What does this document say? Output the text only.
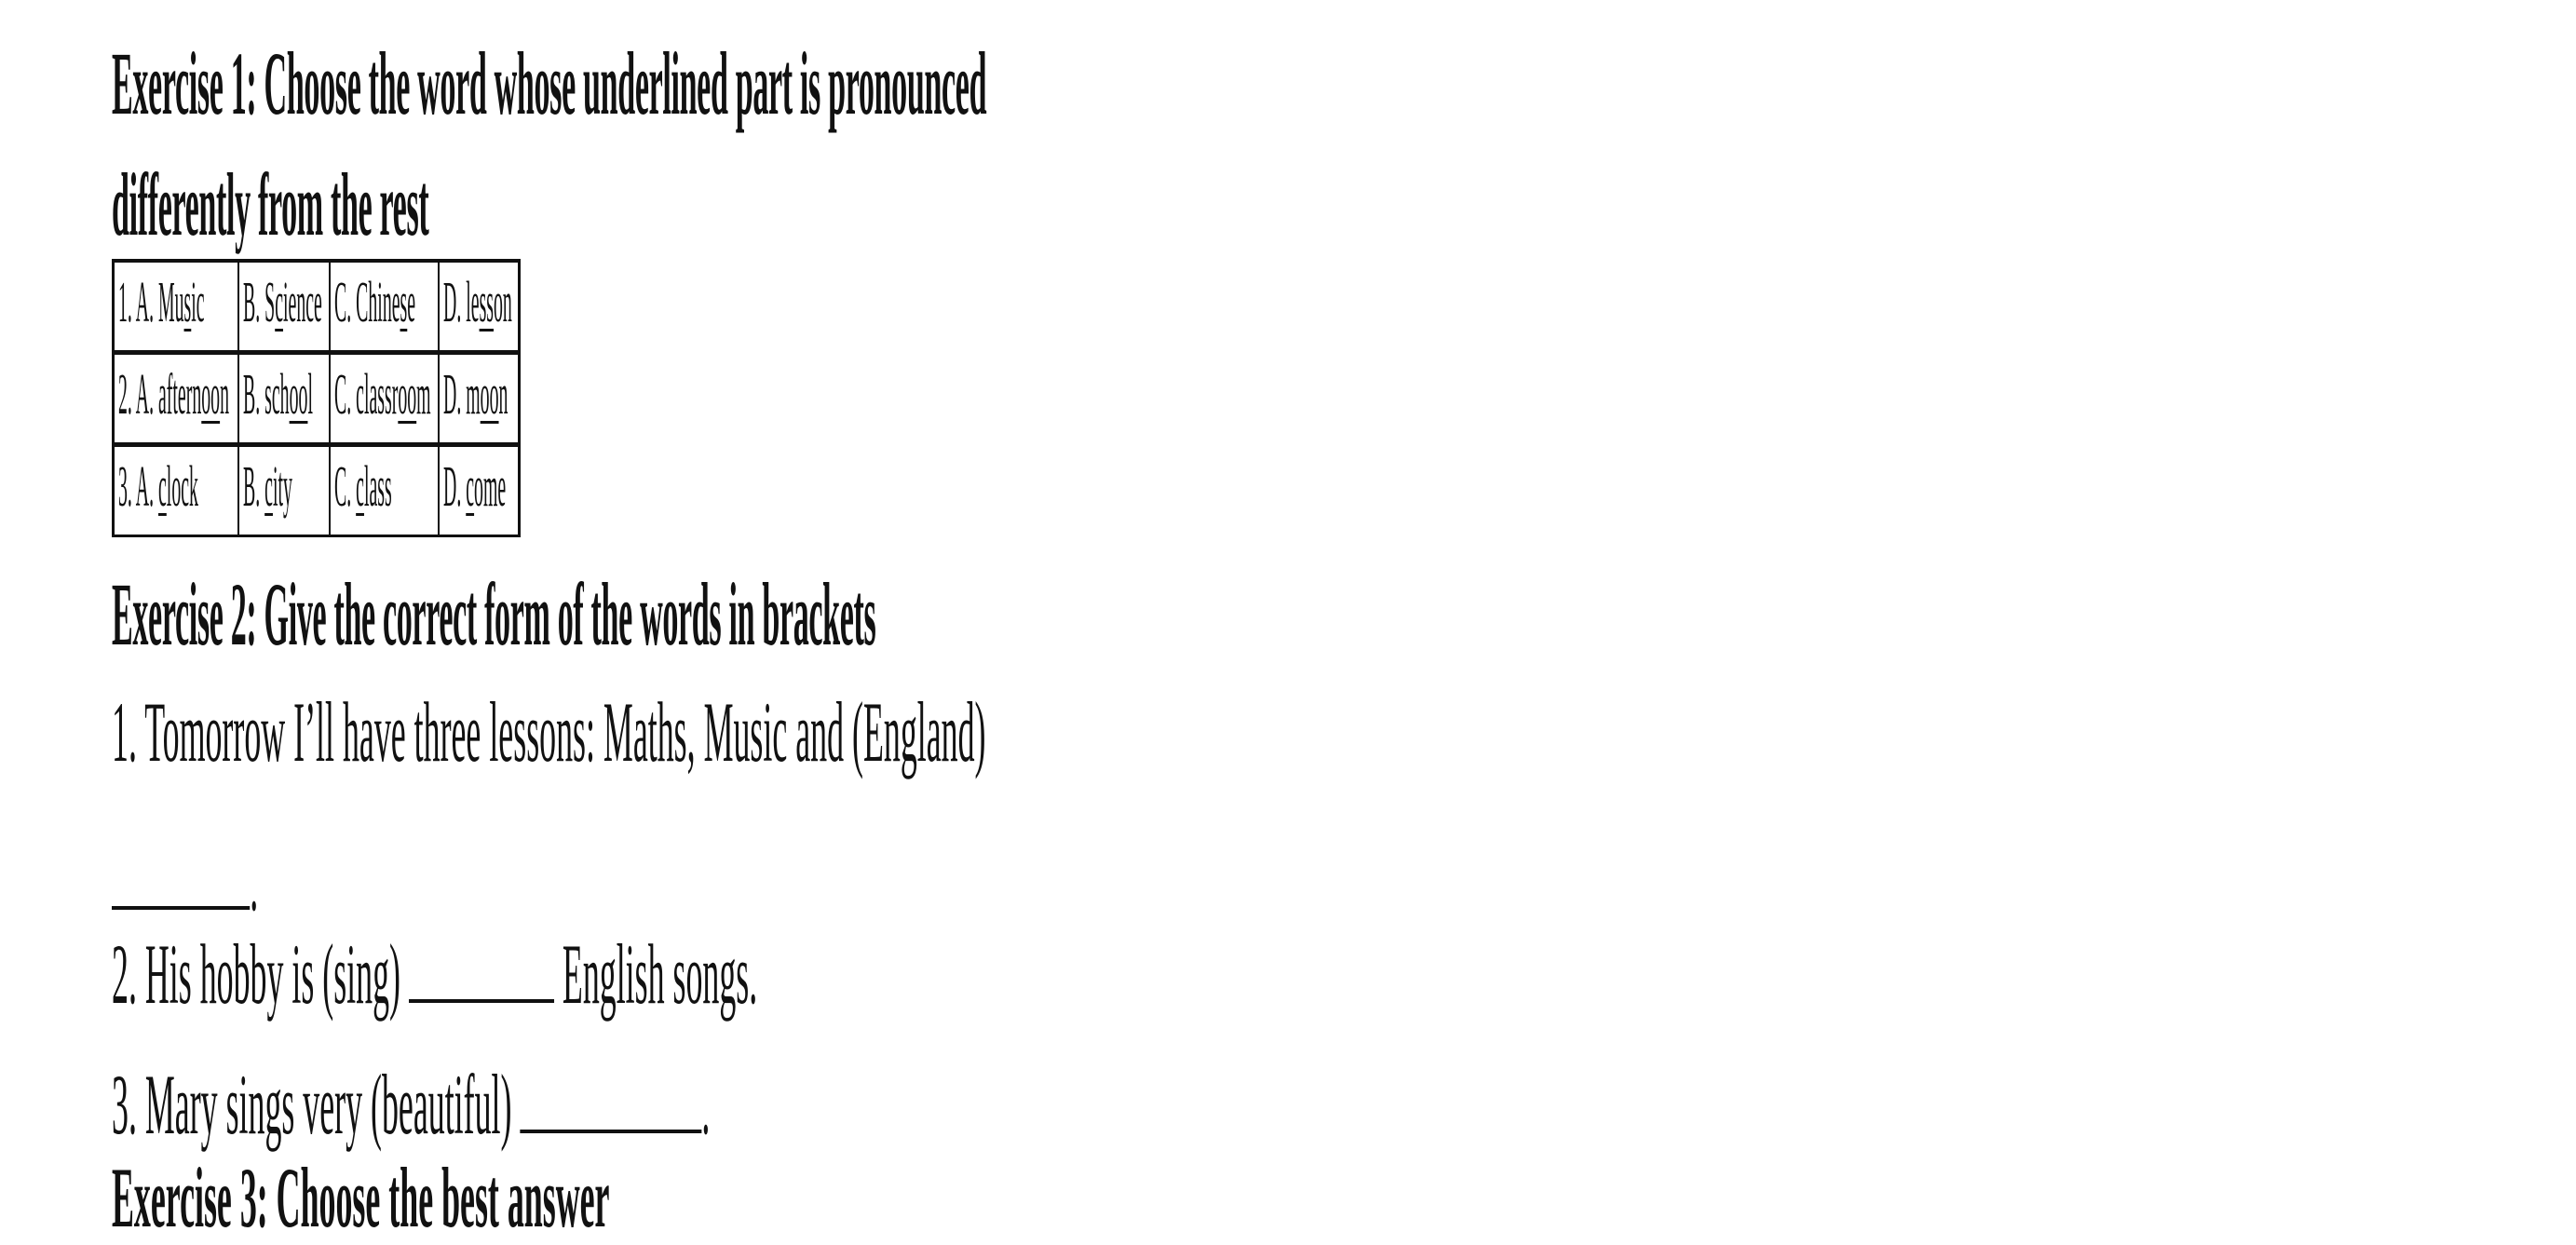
Exercise 1: Choose the word whose underlined part is pronounced
differently from the rest
1. A. Music	B. Science	C. Chinese	D. lesson

2. A. afternoon	B. school	C. classroom	D. moon

3. A. clock	B. city	C. class	D. come
Exercise 2: Give the correct form of the words in brackets
1. Tomorrow I’ll have three lessons: Maths, Music and (England)
.
2. His hobby is (sing) English songs.
3. Mary sings very (beautiful) .
Exercise 3: Choose the best answer
